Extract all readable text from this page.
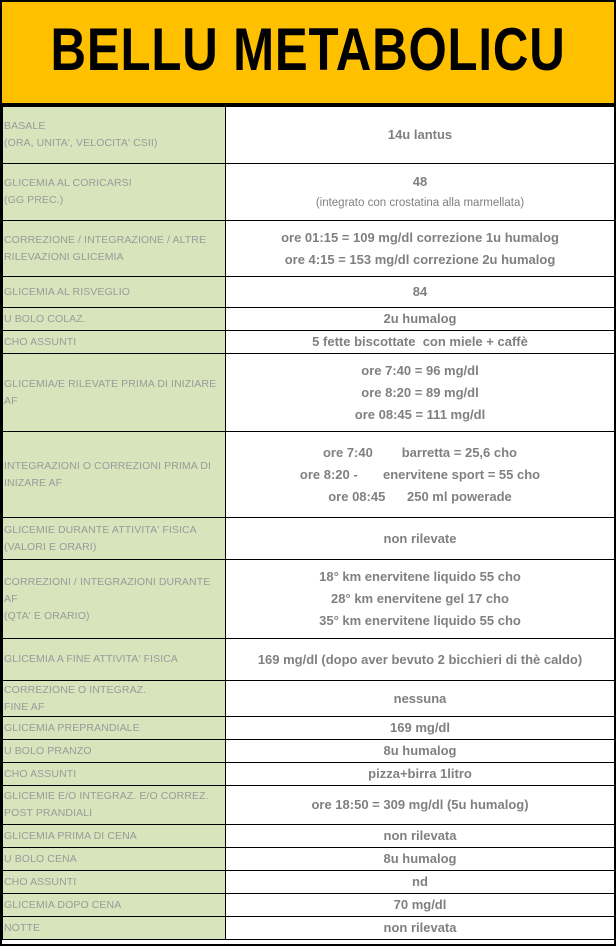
BELLU METABOLICU
BASALE
(ORA, UNITA', VELOCITA' CSII)	14u lantus

GLICEMIA AL CORICARSI
(GG PREC.)	48
(integrato con crostatina alla marmellata)

CORREZIONE / INTEGRAZIONE / ALTRE
RILEVAZIONI GLICEMIA	ore 01:15 = 109 mg/dl correzione 1u humalog
ore 4:15 = 153 mg/dl correzione 2u humalog

GLICEMIA AL RISVEGLIO	84

U BOLO COLAZ.	2u humalog

CHO ASSUNTI	5 fette biscottate  con miele + caffè

GLICEMIA/E RILEVATE PRIMA DI INIZIARE AF	ore 7:40 = 96 mg/dl
ore 8:20 = 89 mg/dl
ore 08:45 = 111 mg/dl

INTEGRAZIONI O CORREZIONI PRIMA DI
INIZARE AF	ore 7:40        barretta = 25,6 cho
ore 8:20 -       enervitene sport = 55 cho
ore 08:45      250 ml powerade

GLICEMIE DURANTE ATTIVITA' FISICA
(VALORI E ORARI)	non rilevate

CORREZIONI / INTEGRAZIONI DURANTE AF
(QTA' E ORARIO)	18° km enervitene liquido 55 cho
28° km enervitene gel 17 cho
35° km enervitene liquido 55 cho

GLICEMIA A FINE ATTIVITA' FISICA	169 mg/dl (dopo aver bevuto 2 bicchieri di thè caldo)

CORREZIONE O INTEGRAZ.
FINE AF	nessuna

GLICEMIA PREPRANDIALE	169 mg/dl

U BOLO PRANZO	8u humalog

CHO ASSUNTI	pizza+birra 1litro

GLICEMIE E/O INTEGRAZ. E/O CORREZ.
POST PRANDIALI	ore 18:50 = 309 mg/dl (5u humalog)

GLICEMIA PRIMA DI CENA	non rilevata

U BOLO CENA	8u humalog

CHO ASSUNTI	nd

GLICEMIA DOPO CENA	70 mg/dl

NOTTE	non rilevata
